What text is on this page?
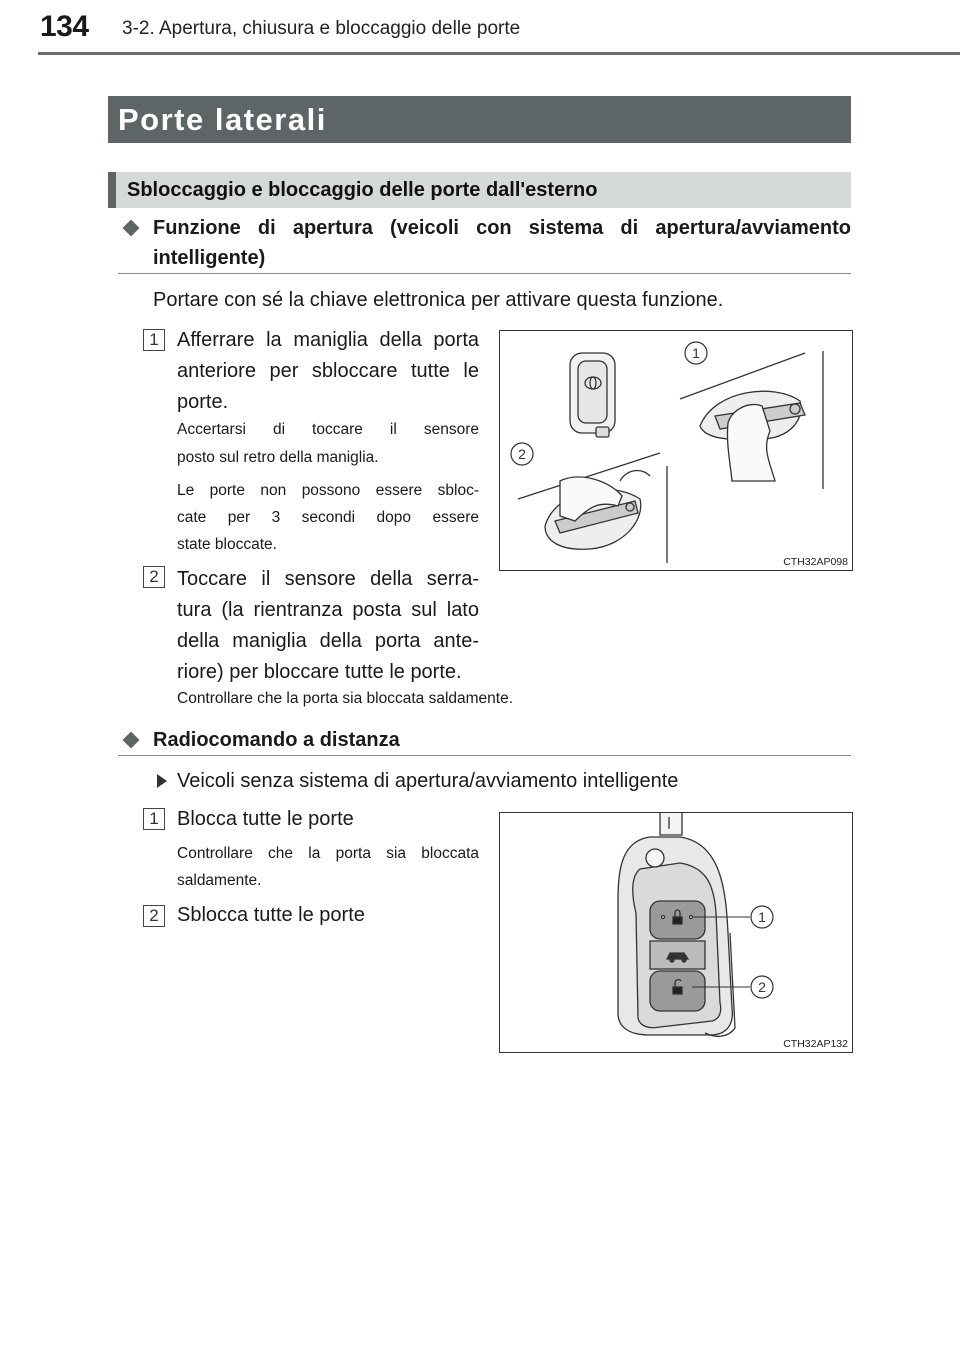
134 3-2. Apertura, chiusura e bloccaggio delle porte
Porte laterali
Sbloccaggio e bloccaggio delle porte dall'esterno
Funzione di apertura (veicoli con sistema di apertura/avviamento
intelligente)
Portare con sé la chiave elettronica per attivare questa funzione.
1 Afferrare la maniglia della porta
anteriore per sbloccare tutte le
porte.
Accertarsi di toccare il sensore
posto sul retro della maniglia.
Le porte non possono essere sbloc-
cate per 3 secondi dopo essere
state bloccate.
2 Toccare il sensore della serra-
tura (la rientranza posta sul lato
della maniglia della porta ante-
riore) per bloccare tutte le porte.
Controllare che la porta sia bloccata saldamente.
1
2
CTH32AP098
Radiocomando a distanza
Veicoli senza sistema di apertura/avviamento intelligente
1 Blocca tutte le porte
Controllare che la porta sia bloccata
saldamente.
2 Sblocca tutte le porte	1
2
CTH32AP132
